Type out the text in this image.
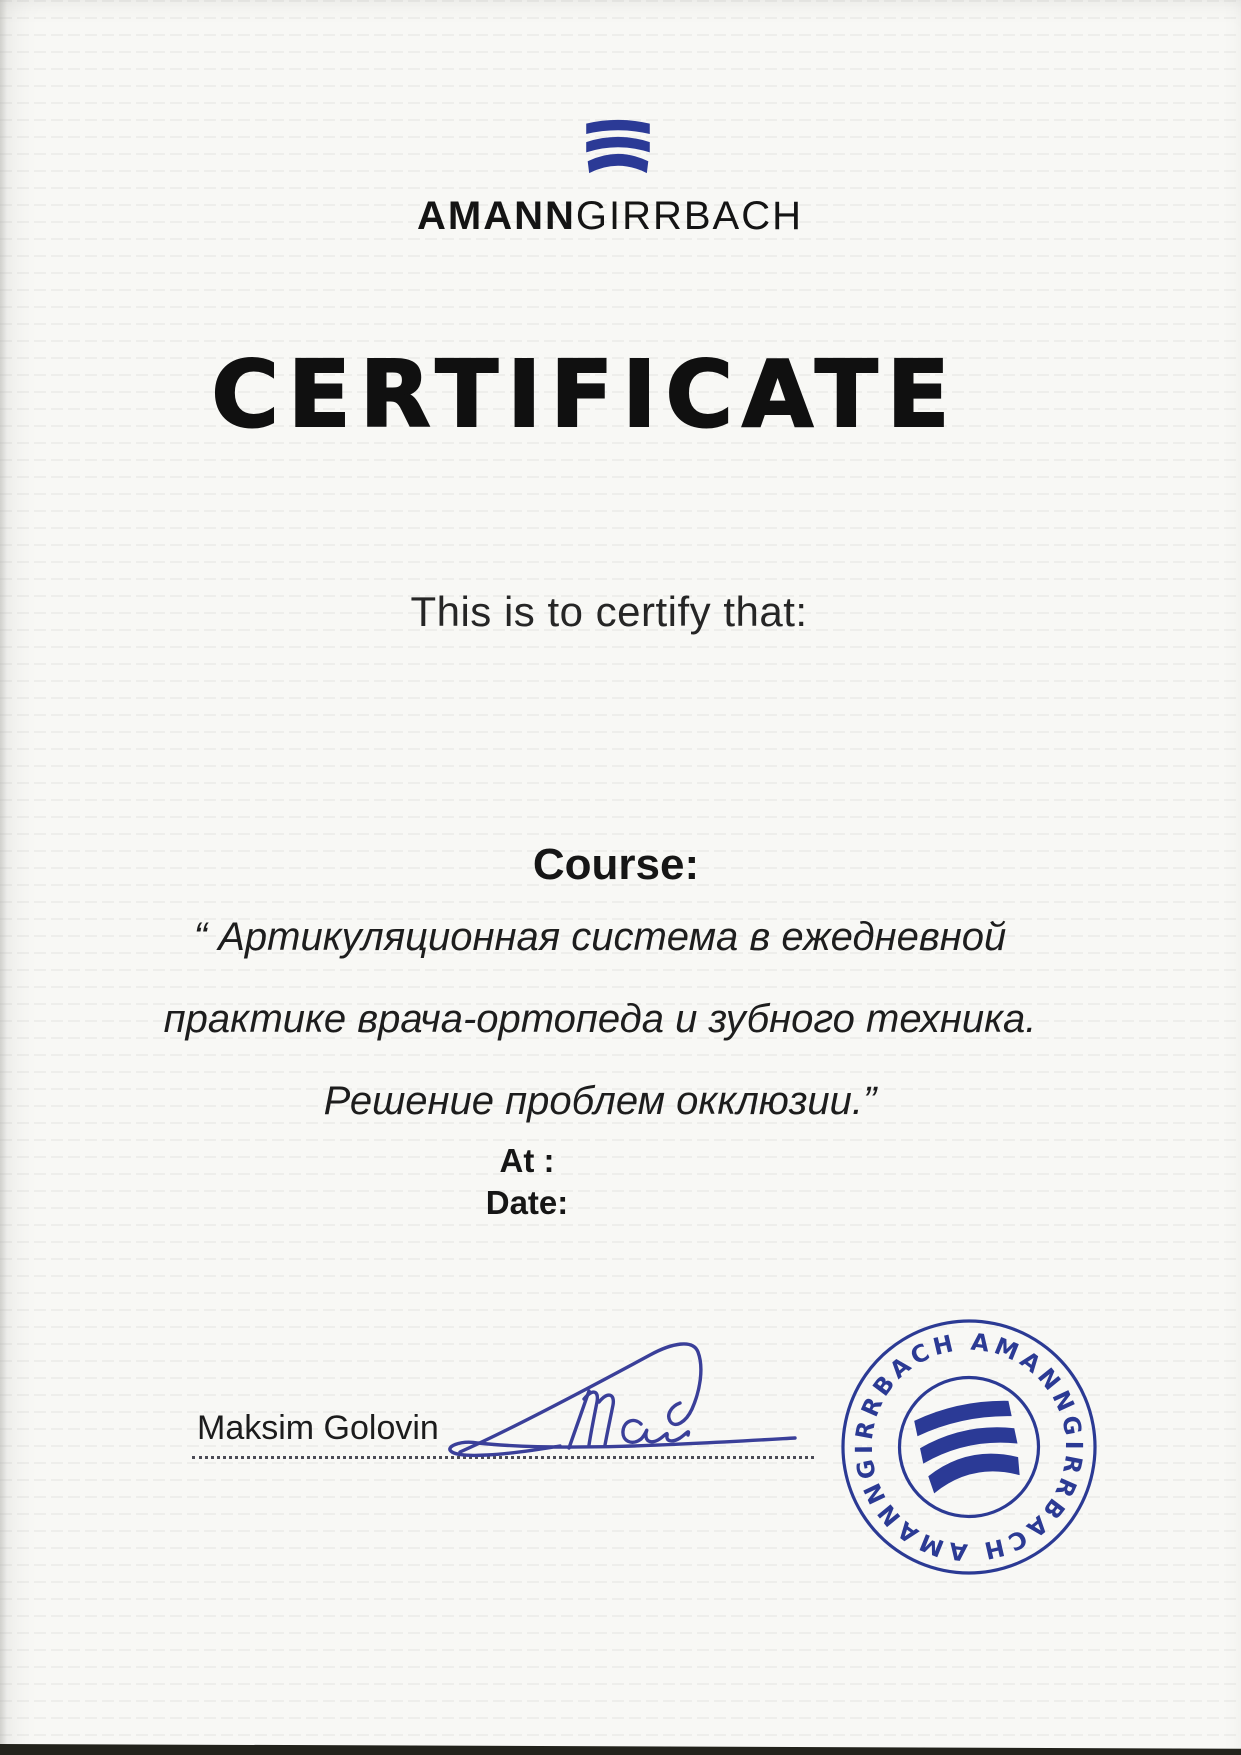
AMANNGIRRBACH
CERTIFICATE
This is to certify that:
Course:
“ Артикуляционная система в ежедневной
практике врача-ортопеда и зубного техника.
Решение проблем окклюзии.”
At :
Date:
Maksim Golovin
AMANNGIRRBACH
AMANNGIRRBACH
